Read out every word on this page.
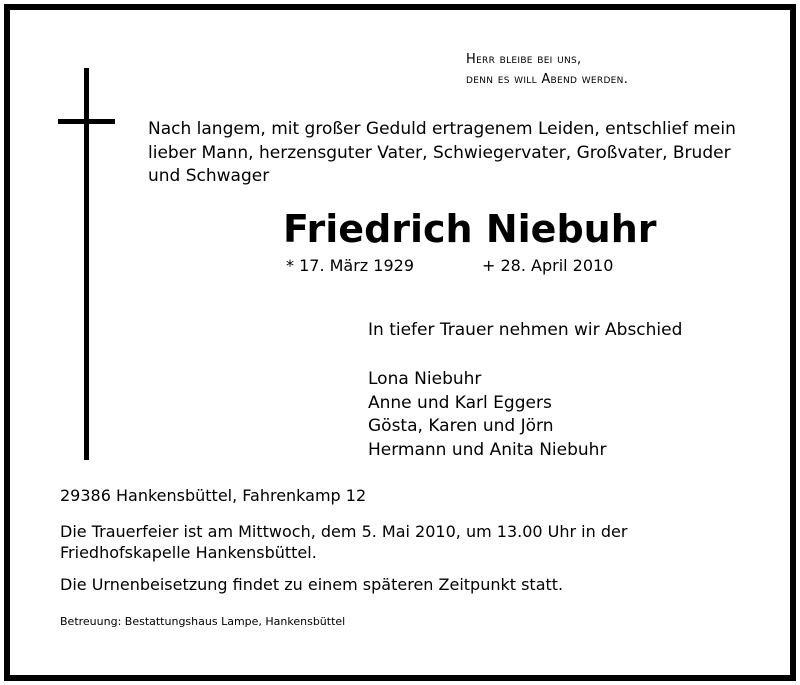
Herr bleibe bei uns,
denn es will Abend werden.
Nach langem, mit großer Geduld ertragenem Leiden, entschlief mein lieber Mann, herzensguter Vater, Schwiegervater, Großvater, Bruder und Schwager
Friedrich Niebuhr
* 17. März 1929	+ 28. April 2010
In tiefer Trauer nehmen wir Abschied
Lona Niebuhr
Anne und Karl Eggers
Gösta, Karen und Jörn
Hermann und Anita Niebuhr
29386 Hankensbüttel, Fahrenkamp 12
Die Trauerfeier ist am Mittwoch, dem 5. Mai 2010, um 13.00 Uhr in der Friedhofskapelle Hankensbüttel.
Die Urnenbeisetzung findet zu einem späteren Zeitpunkt statt.
Betreuung: Bestattungshaus Lampe, Hankensbüttel
